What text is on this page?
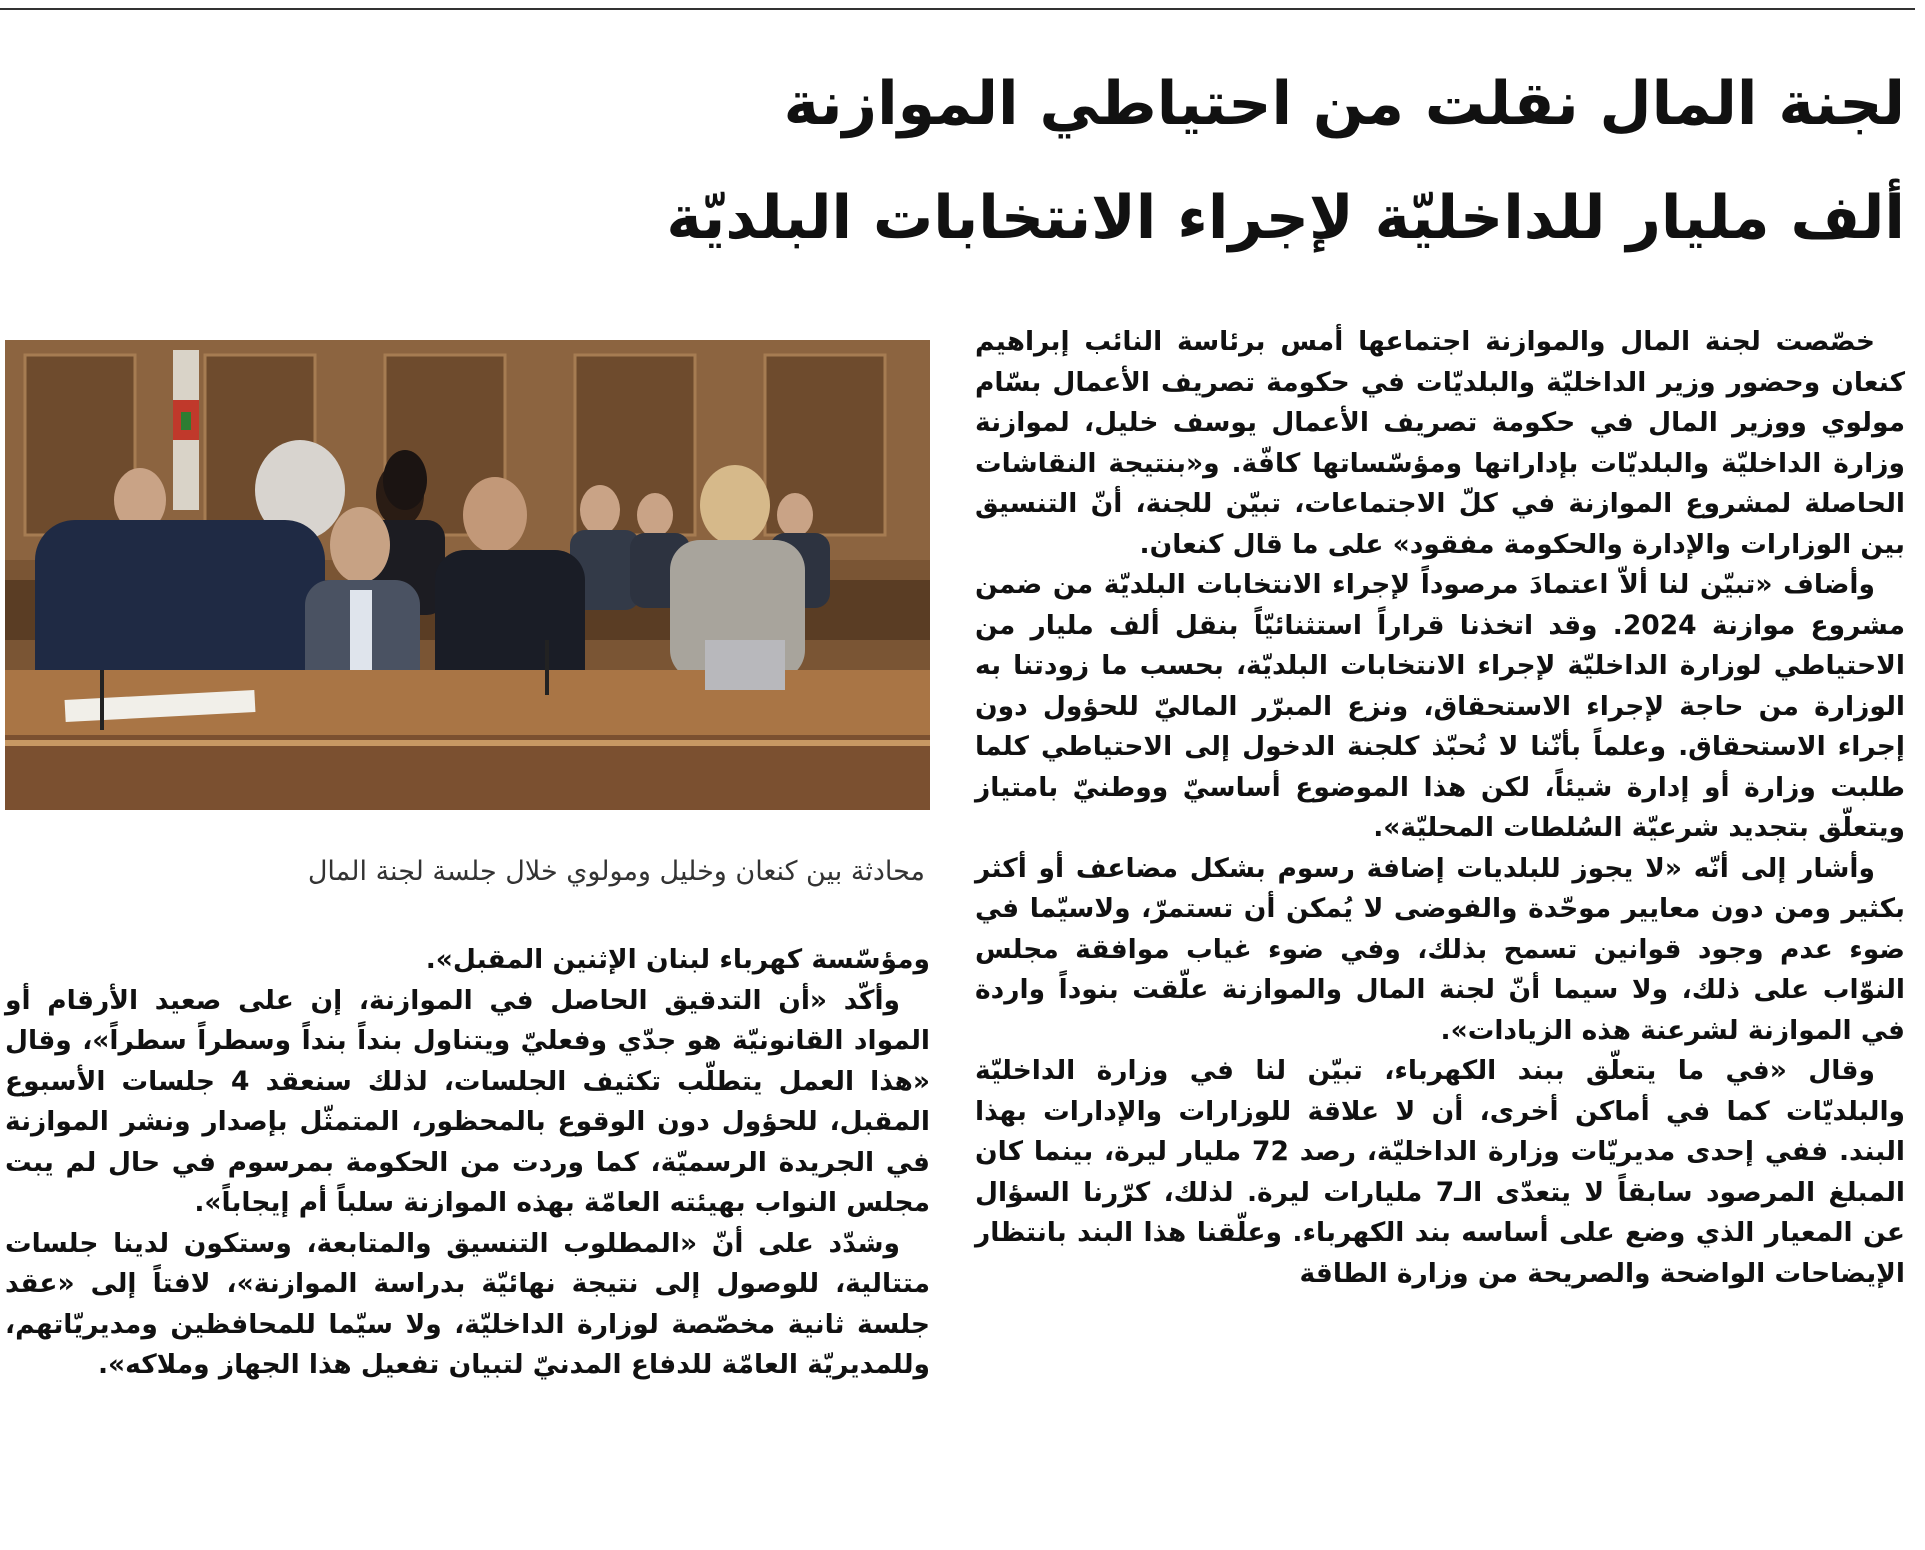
لجنة المال نقلت من احتياطي الموازنة
ألف مليار للداخليّة لإجراء الانتخابات البلديّة

خصّصت لجنة المال والموازنة اجتماعها أمس برئاسة النائب إبراهيم كنعان وحضور وزير الداخليّة والبلديّات في حكومة تصريف الأعمال بسّام مولوي ووزير المال في حكومة تصريف الأعمال يوسف خليل، لموازنة وزارة الداخليّة والبلديّات بإداراتها ومؤسّساتها كافّة. و«بنتيجة النقاشات الحاصلة لمشروع الموازنة في كلّ الاجتماعات، تبيّن للجنة، أنّ التنسيق بين الوزارات والإدارة والحكومة مفقود» على ما قال كنعان.

وأضاف «تبيّن لنا ألاّ اعتمادَ مرصوداً لإجراء الانتخابات البلديّة من ضمن مشروع موازنة 2024. وقد اتخذنا قراراً استثنائيّاً بنقل ألف مليار من الاحتياطي لوزارة الداخليّة لإجراء الانتخابات البلديّة، بحسب ما زودتنا به الوزارة من حاجة لإجراء الاستحقاق، ونزع المبرّر الماليّ للحؤول دون إجراء الاستحقاق. وعلماً بأنّنا لا نُحبّذ كلجنة الدخول إلى الاحتياطي كلما طلبت وزارة أو إدارة شيئاً، لكن هذا الموضوع أساسيّ ووطنيّ بامتياز ويتعلّق بتجديد شرعيّة السُلطات المحليّة».

وأشار إلى أنّه «لا يجوز للبلديات إضافة رسوم بشكل مضاعف أو أكثر بكثير ومن دون معايير موحّدة والفوضى لا يُمكن أن تستمرّ، ولاسيّما في ضوء عدم وجود قوانين تسمح بذلك، وفي ضوء غياب موافقة مجلس النوّاب على ذلك، ولا سيما أنّ لجنة المال والموازنة علّقت بنوداً واردة في الموازنة لشرعنة هذه الزيادات».

وقال «في ما يتعلّق ببند الكهرباء، تبيّن لنا في وزارة الداخليّة والبلديّات كما في أماكن أخرى، أن لا علاقة للوزارات والإدارات بهذا البند. ففي إحدى مديريّات وزارة الداخليّة، رصد 72 مليار ليرة، بينما كان المبلغ المرصود سابقاً لا يتعدّى الـ7 مليارات ليرة. لذلك، كرّرنا السؤال عن المعيار الذي وضع على أساسه بند الكهرباء. وعلّقنا هذا البند بانتظار الإيضاحات الواضحة والصريحة من وزارة الطاقة

محادثة بين كنعان وخليل ومولوي خلال جلسة لجنة المال

ومؤسّسة كهرباء لبنان الإثنين المقبل».

وأكّد «أن التدقيق الحاصل في الموازنة، إن على صعيد الأرقام أو المواد القانونيّة هو جدّي وفعليّ ويتناول بنداً بنداً وسطراً سطراً»، وقال «هذا العمل يتطلّب تكثيف الجلسات، لذلك سنعقد 4 جلسات الأسبوع المقبل، للحؤول دون الوقوع بالمحظور، المتمثّل بإصدار ونشر الموازنة في الجريدة الرسميّة، كما وردت من الحكومة بمرسوم في حال لم يبت مجلس النواب بهيئته العامّة بهذه الموازنة سلباً أم إيجاباً».

وشدّد على أنّ «المطلوب التنسيق والمتابعة، وستكون لدينا جلسات متتالية، للوصول إلى نتيجة نهائيّة بدراسة الموازنة»، لافتاً إلى «عقد جلسة ثانية مخصّصة لوزارة الداخليّة، ولا سيّما للمحافظين ومديريّاتهم، وللمديريّة العامّة للدفاع المدنيّ لتبيان تفعيل هذا الجهاز وملاكه».
